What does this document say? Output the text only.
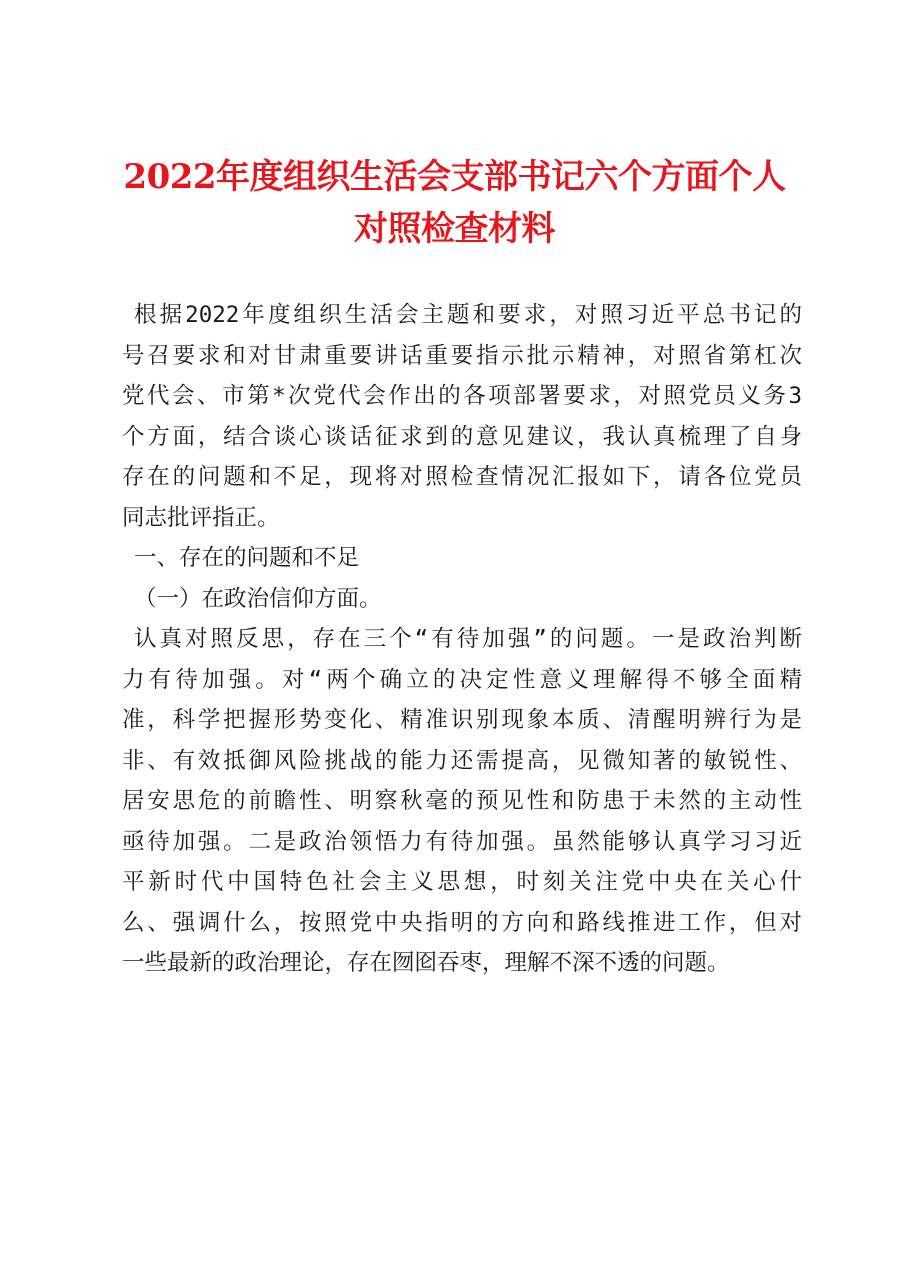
2022年度组织生活会支部书记六个方面个人
对照检查材料
根据2022年度组织生活会主题和要求，对照习近平总书记的
号召要求和对甘肃重要讲话重要指示批示精神，对照省第杠次
党代会、市第*次党代会作出的各项部署要求，对照党员义务3
个方面，结合谈心谈话征求到的意见建议，我认真梳理了自身
存在的问题和不足，现将对照检查情况汇报如下，请各位党员
同志批评指正。
一、存在的问题和不足
（一）在政治信仰方面。
认真对照反思，存在三个“有待加强”的问题。一是政治判断
力有待加强。对“两个确立的决定性意义理解得不够全面精
准，科学把握形势变化、精准识别现象本质、清醒明辨行为是
非、有效抵御风险挑战的能力还需提高，见微知著的敏锐性、
居安思危的前瞻性、明察秋毫的预见性和防患于未然的主动性
亟待加强。二是政治领悟力有待加强。虽然能够认真学习习近
平新时代中国特色社会主义思想，时刻关注党中央在关心什
么、强调什么，按照党中央指明的方向和路线推进工作，但对
一些最新的政治理论，存在囫囵吞枣，理解不深不透的问题。
